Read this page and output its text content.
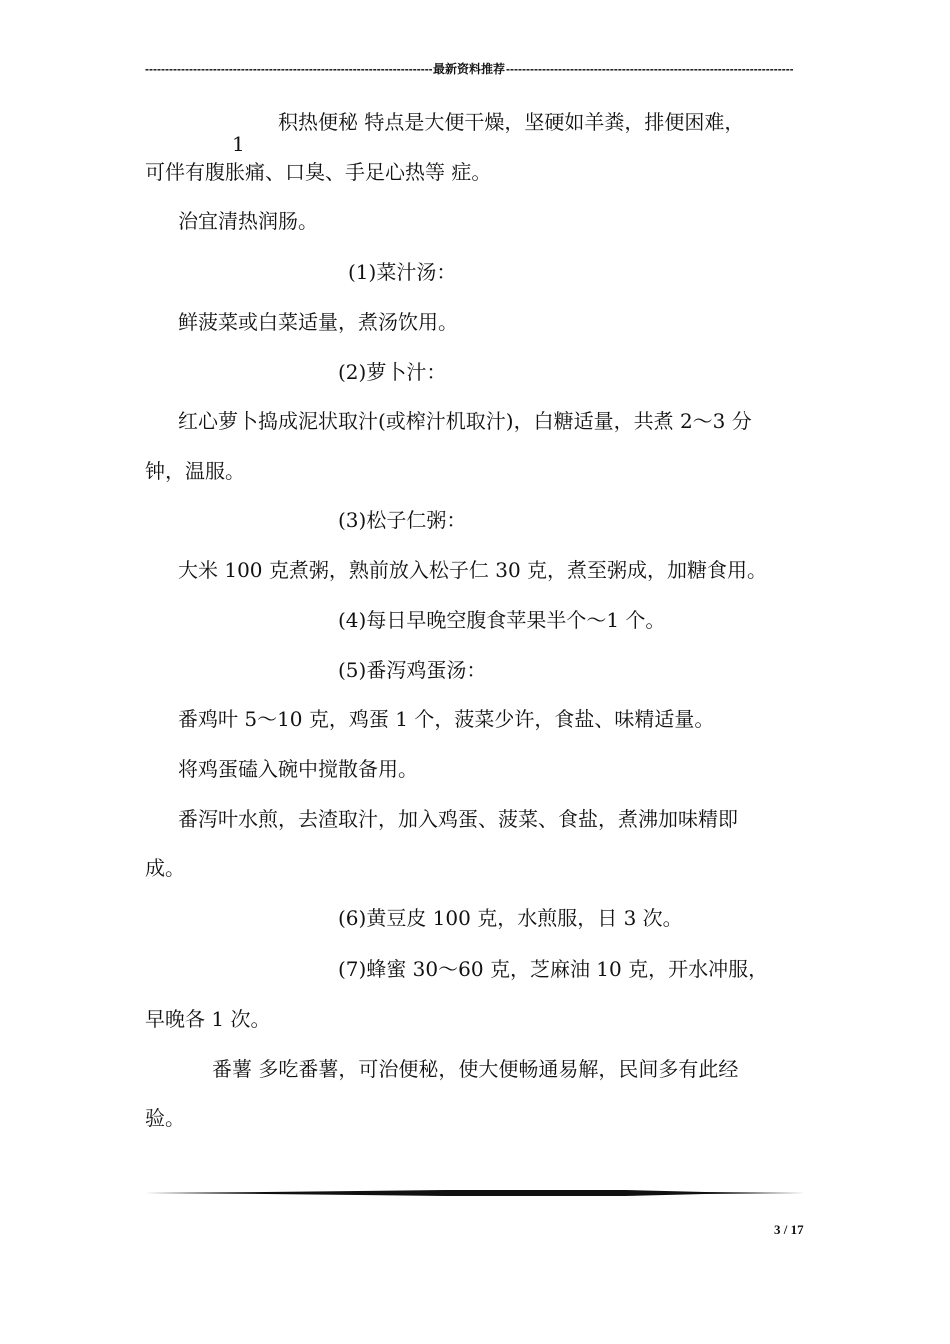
-----
最新资料推荐
-----
1
积热便秘 特点是大便干燥，坚硬如羊粪，排便困难，
可伴有腹胀痛、口臭、手足心热等 症。
治宜清热润肠。
(1)菜汁汤：
鲜菠菜或白菜适量，煮汤饮用。
(2)萝卜汁：
红心萝卜捣成泥状取汁(或榨汁机取汁)，白糖适量，共煮 2～3 分
钟，温服。
(3)松子仁粥：
大米 100 克煮粥，熟前放入松子仁 30 克，煮至粥成，加糖食用。
(4)每日早晚空腹食苹果半个～1 个。
(5)番泻鸡蛋汤：
番鸡叶 5～10 克，鸡蛋 1 个，菠菜少许，食盐、味精适量。
将鸡蛋磕入碗中搅散备用。
番泻叶水煎，去渣取汁，加入鸡蛋、菠菜、食盐，煮沸加味精即
成。
(6)黄豆皮 100 克，水煎服，日 3 次。
(7)蜂蜜 30～60 克，芝麻油 10 克，开水冲服，
早晚各 1 次。
番薯 多吃番薯，可治便秘，使大便畅通易解，民间多有此经
验。
3 / 17
